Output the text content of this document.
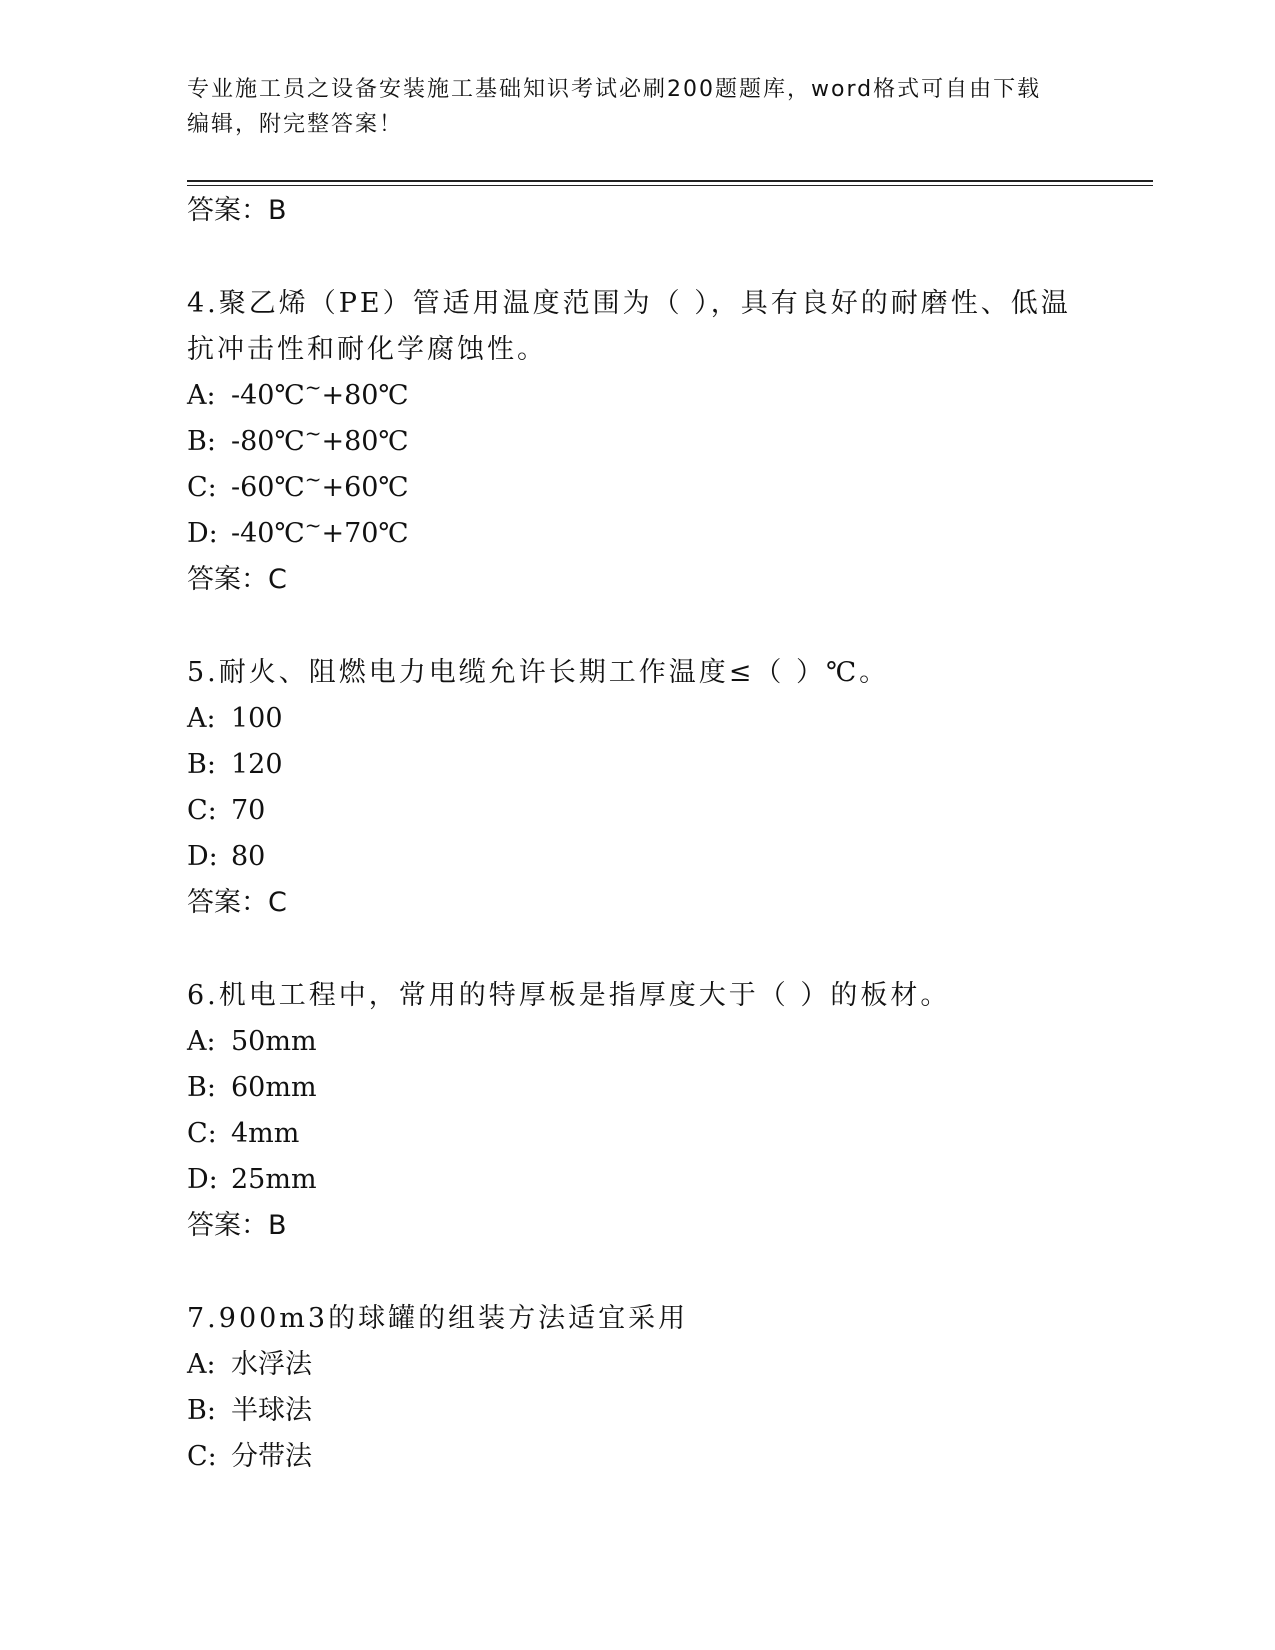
专业施工员之设备安装施工基础知识考试必刷200题题库，word格式可自由下载
编辑，附完整答案！
答案：B
4.聚乙烯（PE）管适用温度范围为（ ），具有良好的耐磨性、低温抗冲击性和耐化学腐蚀性。
A: -40℃~+80℃
B: -80℃~+80℃
C: -60℃~+60℃
D: -40℃~+70℃
答案：C
5.耐火、阻燃电力电缆允许长期工作温度≤（ ）℃。
A: 100
B: 120
C: 70
D: 80
答案：C
6.机电工程中，常用的特厚板是指厚度大于（ ）的板材。
A: 50mm
B: 60mm
C: 4mm
D: 25mm
答案：B
7.900m3的球罐的组装方法适宜采用
A: 水浮法
B: 半球法
C: 分带法
